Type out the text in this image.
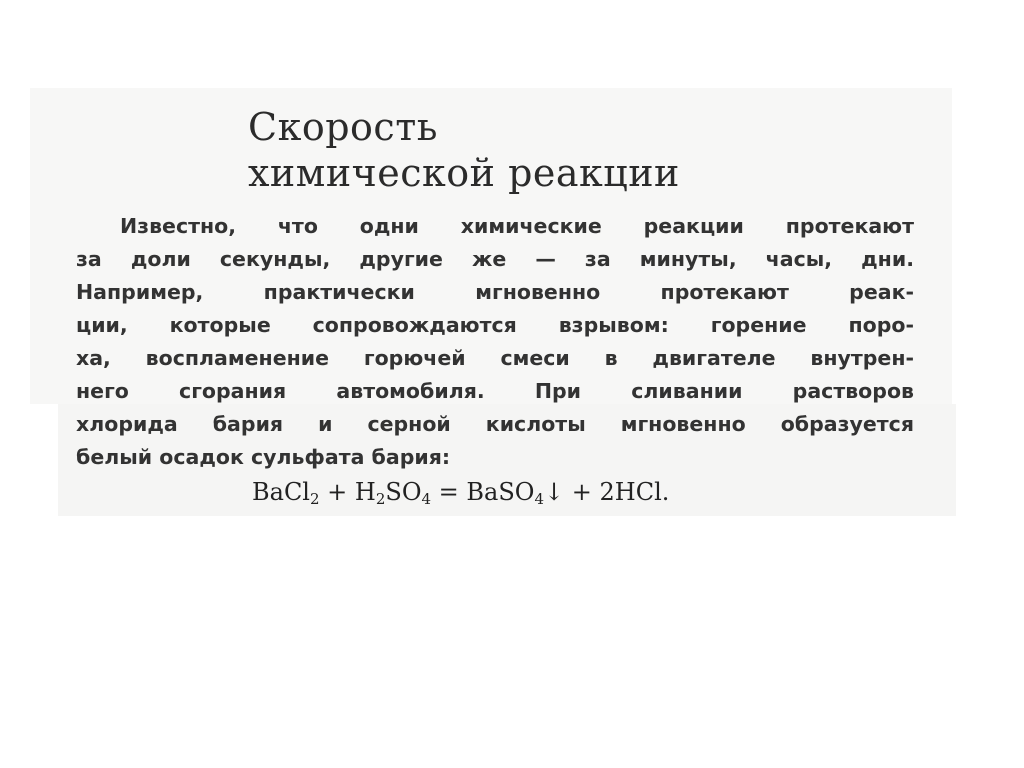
Скорость
химической реакции

Известно, что одни химические реакции протекают
за доли секунды, другие же — за минуты, часы, дни.
Например, практически мгновенно протекают реак-
ции, которые сопровождаются взрывом: горение поро-
ха, воспламенение горючей смеси в двигателе внутрен-
него сгорания автомобиля. При сливании растворов
хлорида бария и серной кислоты мгновенно образуется
белый осадок сульфата бария:

BaCl$_2$ + $H_2SO_4$ = BaSO$_4$↓ + 2HCl.
